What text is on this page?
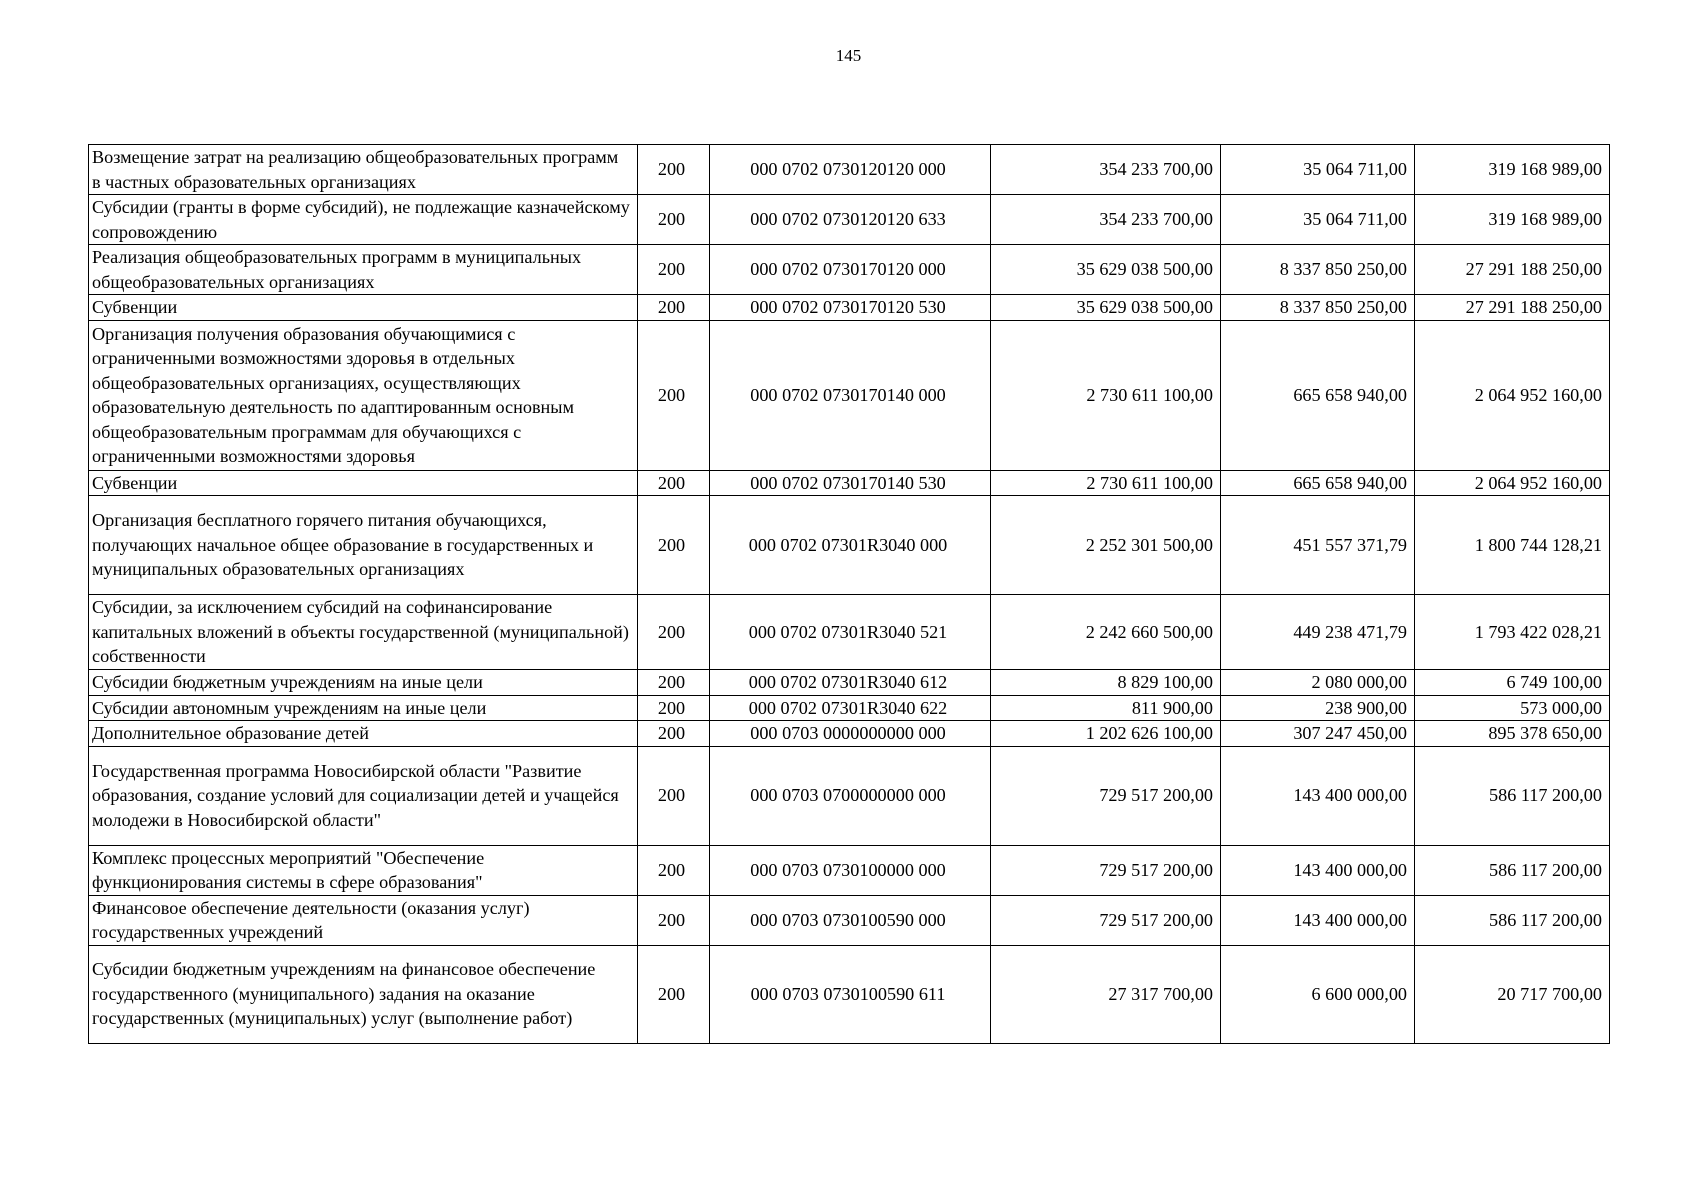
145
Возмещение затрат на реализацию общеобразовательных программ в частных образовательных организациях	200	000 0702 0730120120 000	354 233 700,00	35 064 711,00	319 168 989,00
Субсидии (гранты в форме субсидий), не подлежащие казначейскому сопровождению	200	000 0702 0730120120 633	354 233 700,00	35 064 711,00	319 168 989,00
Реализация общеобразовательных программ в муниципальных общеобразовательных организациях	200	000 0702 0730170120 000	35 629 038 500,00	8 337 850 250,00	27 291 188 250,00
Субвенции	200	000 0702 0730170120 530	35 629 038 500,00	8 337 850 250,00	27 291 188 250,00
Организация получения образования обучающимися с ограниченными возможностями здоровья в отдельных общеобразовательных организациях, осуществляющих образовательную деятельность по адаптированным основным общеобразовательным программам для обучающихся с ограниченными возможностями здоровья	200	000 0702 0730170140 000	2 730 611 100,00	665 658 940,00	2 064 952 160,00
Субвенции	200	000 0702 0730170140 530	2 730 611 100,00	665 658 940,00	2 064 952 160,00
Организация бесплатного горячего питания обучающихся, получающих начальное общее образование в государственных и муниципальных образовательных организациях	200	000 0702 07301R3040 000	2 252 301 500,00	451 557 371,79	1 800 744 128,21
Субсидии, за исключением субсидий на софинансирование капитальных вложений в объекты государственной (муниципальной) собственности	200	000 0702 07301R3040 521	2 242 660 500,00	449 238 471,79	1 793 422 028,21
Субсидии бюджетным учреждениям на иные цели	200	000 0702 07301R3040 612	8 829 100,00	2 080 000,00	6 749 100,00
Субсидии автономным учреждениям на иные цели	200	000 0702 07301R3040 622	811 900,00	238 900,00	573 000,00
Дополнительное образование детей	200	000 0703 0000000000 000	1 202 626 100,00	307 247 450,00	895 378 650,00
Государственная программа Новосибирской области "Развитие образования, создание условий для социализации детей и учащейся молодежи в Новосибирской области"	200	000 0703 0700000000 000	729 517 200,00	143 400 000,00	586 117 200,00
Комплекс процессных мероприятий "Обеспечение функционирования системы в сфере образования"	200	000 0703 0730100000 000	729 517 200,00	143 400 000,00	586 117 200,00
Финансовое обеспечение деятельности (оказания услуг) государственных учреждений	200	000 0703 0730100590 000	729 517 200,00	143 400 000,00	586 117 200,00
Субсидии бюджетным учреждениям на финансовое обеспечение государственного (муниципального) задания на оказание государственных (муниципальных) услуг (выполнение работ)	200	000 0703 0730100590 611	27 317 700,00	6 600 000,00	20 717 700,00
